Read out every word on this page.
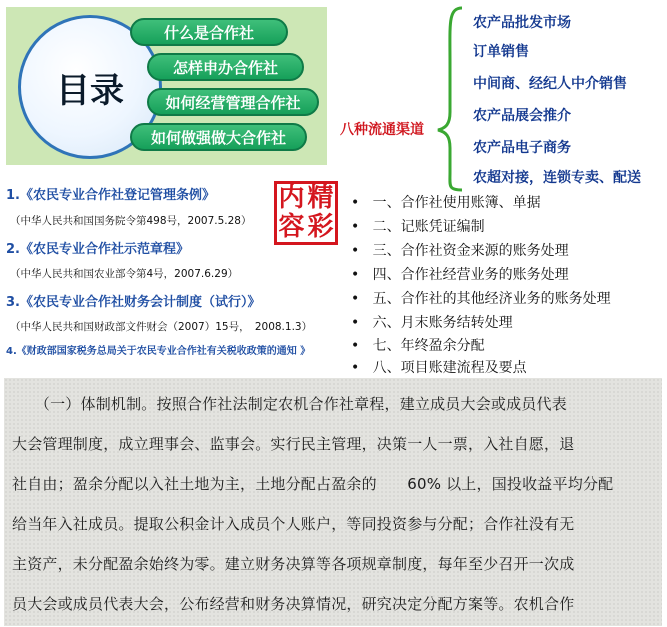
目录
什么是合作社
怎样申办合作社
如何经营管理合作社
如何做强做大合作社	八种流通渠道
农产品批发市场
订单销售
中间商、经纪人中介销售
农产品展会推介
农产品电子商务
农超对接，连锁专卖、配送
1.《农民专业合作社登记管理条例》
（中华人民共和国国务院令第498号，2007.5.28）
2.《农民专业合作社示范章程》
（中华人民共和国农业部令第4号，2007.6.29）
3.《农民专业合作社财务会计制度（试行）》
（中华人民共和国财政部文件财会（2007）15号，　2008.1.3）
4.《财政部国家税务总局关于农民专业合作社有关税收政策的通知 》
内 精
容 彩
• 一、合作社使用账簿、单据
• 二、记账凭证编制
• 三、合作社资金来源的账务处理
• 四、合作社经营业务的账务处理
• 五、合作社的其他经济业务的账务处理
• 六、月末账务结转处理
• 七、年终盈余分配
• 八、项目账建流程及要点
　　（一）体制机制。按照合作社法制定农机合作社章程，建立成员大会或成员代表
大会管理制度，成立理事会、监事会。实行民主管理，决策一人一票，入社自愿，退
社自由；盈余分配以入社土地为主，土地分配占盈余的　　60% 以上，国投收益平均分配
给当年入社成员。提取公积金计入成员个人账户，等同投资参与分配；合作社没有无
主资产，未分配盈余始终为零。建立财务决算等各项规章制度，每年至少召开一次成
员大会或成员代表大会，公布经营和财务决算情况，研究决定分配方案等。农机合作
